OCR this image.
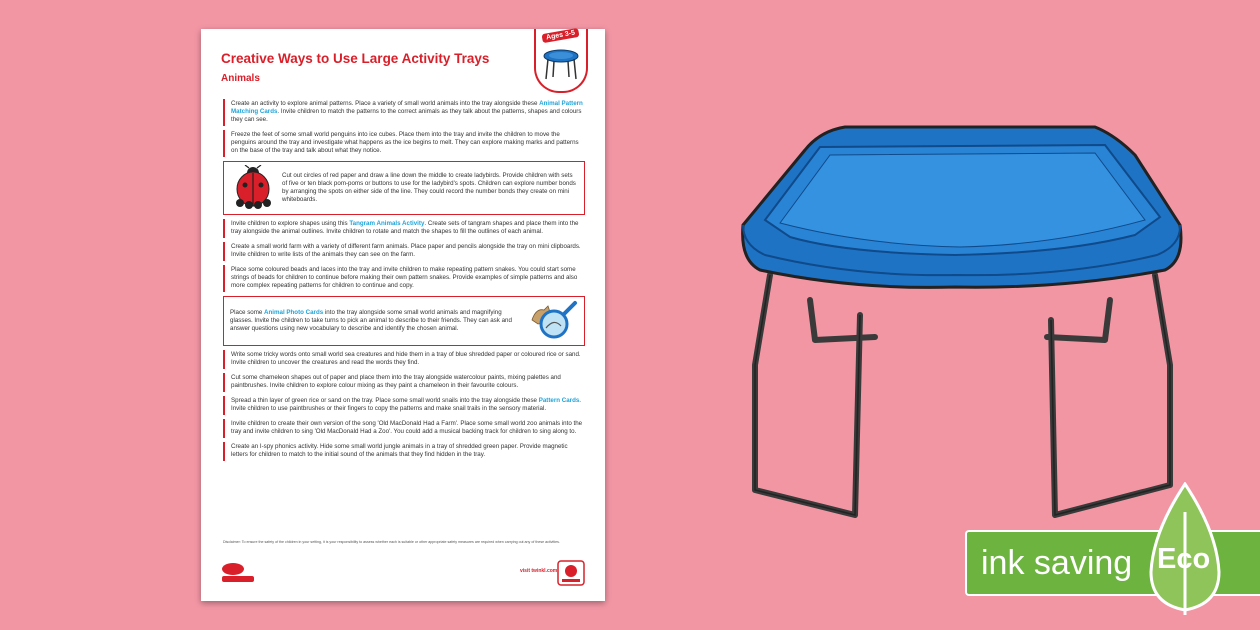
Creative Ways to Use Large Activity Trays
Animals
Ages 3-5
Create an activity to explore animal patterns. Place a variety of small world animals into the tray alongside these Animal Pattern Matching Cards. Invite children to match the patterns to the correct animals as they talk about the patterns, shapes and colours they can see.
Freeze the feet of some small world penguins into ice cubes. Place them into the tray and invite the children to move the penguins around the tray and investigate what happens as the ice begins to melt. They can explore making marks and patterns on the base of the tray and talk about what they notice.
Cut out circles of red paper and draw a line down the middle to create ladybirds. Provide children with sets of five or ten black pom-poms or buttons to use for the ladybird's spots. Children can explore number bonds by arranging the spots on either side of the line. They could record the number bonds they create on mini whiteboards.
Invite children to explore shapes using this Tangram Animals Activity. Create sets of tangram shapes and place them into the tray alongside the animal outlines. Invite children to rotate and match the shapes to fill the outlines of each animal.
Create a small world farm with a variety of different farm animals. Place paper and pencils alongside the tray on mini clipboards. Invite children to write lists of the animals they can see on the farm.
Place some coloured beads and laces into the tray and invite children to make repeating pattern snakes. You could start some strings of beads for children to continue before making their own pattern snakes. Provide examples of simple patterns and also more complex repeating patterns for children to continue and copy.
Place some Animal Photo Cards into the tray alongside some small world animals and magnifying glasses. Invite the children to take turns to pick an animal to describe to their friends. They can ask and answer questions using new vocabulary to describe and identify the chosen animal.
Write some tricky words onto small world sea creatures and hide them in a tray of blue shredded paper or coloured rice or sand. Invite children to uncover the creatures and read the words they find.
Cut some chameleon shapes out of paper and place them into the tray alongside watercolour paints, mixing palettes and paintbrushes. Invite children to explore colour mixing as they paint a chameleon in their favourite colours.
Spread a thin layer of green rice or sand on the tray. Place some small world snails into the tray alongside these Pattern Cards. Invite children to use paintbrushes or their fingers to copy the patterns and make snail trails in the sensory material.
Invite children to create their own version of the song 'Old MacDonald Had a Farm'. Place some small world zoo animals into the tray and invite children to sing 'Old MacDonald Had a Zoo'. You could add a musical backing track for children to sing along to.
Create an I-spy phonics activity. Hide some small world jungle animals in a tray of shredded green paper. Provide magnetic letters for children to match to the initial sound of the animals that they find hidden in the tray.
Disclaimer: To ensure the safety of the children in your setting, it is your responsibility to assess whether each is suitable or other appropriate safety measures are required when carrying out any of these activities.
visit twinkl.com	ink saving Eco
